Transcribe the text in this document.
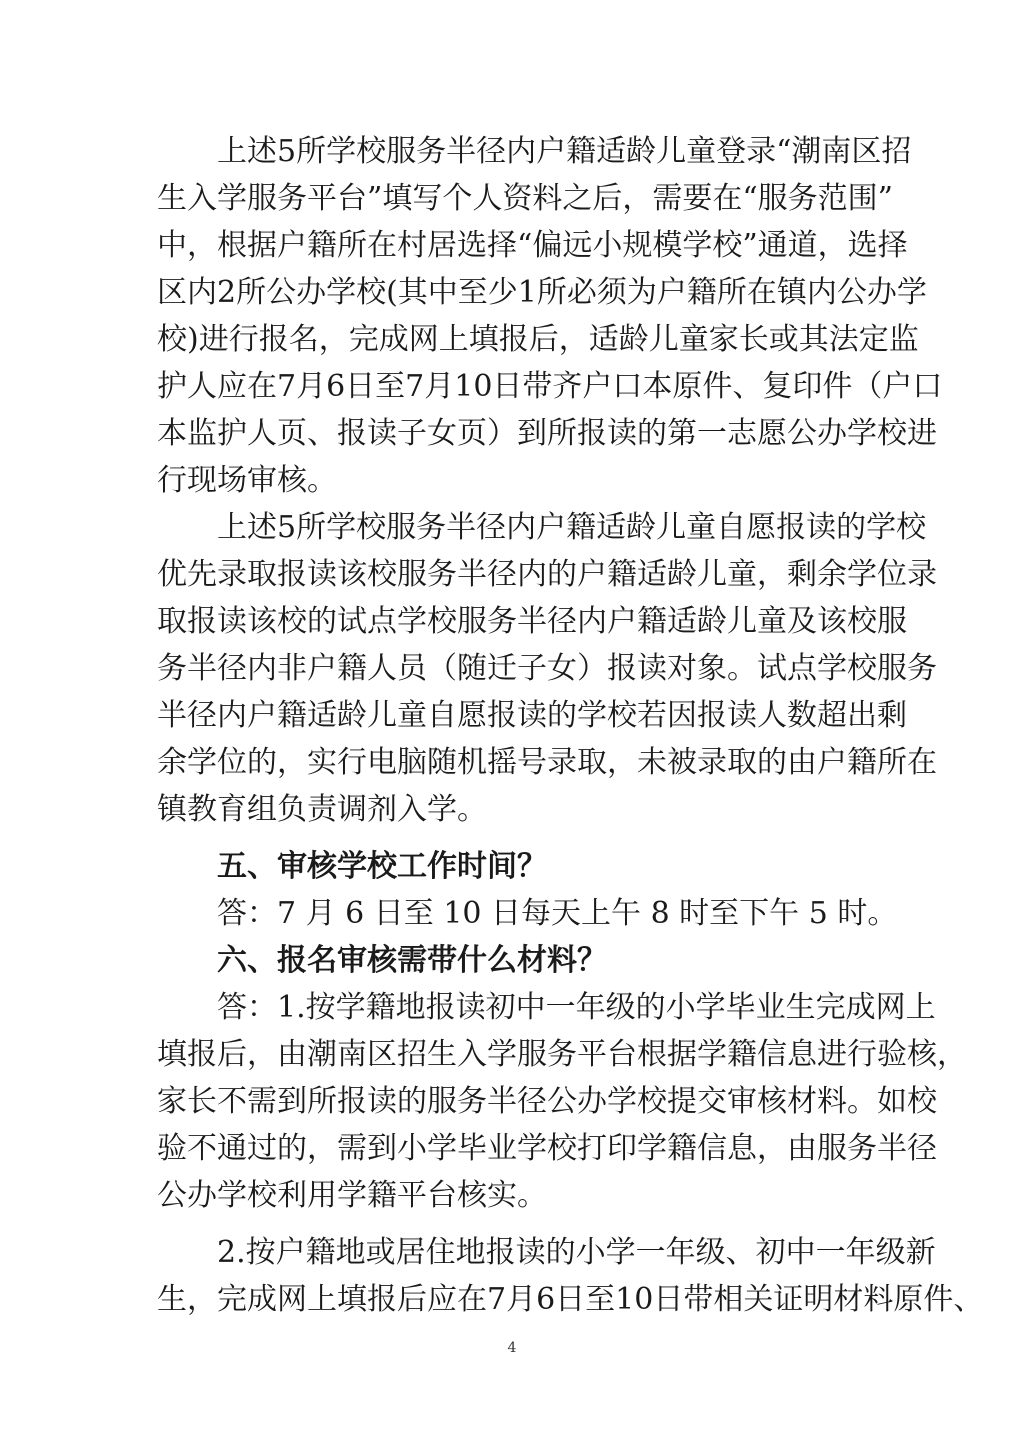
　　上述5所学校服务半径内户籍适龄儿童登录“潮南区招
生入学服务平台”填写个人资料之后，需要在“服务范围”
中，根据户籍所在村居选择“偏远小规模学校”通道，选择
区内2所公办学校(其中至少1所必须为户籍所在镇内公办学
校)进行报名，完成网上填报后，适龄儿童家长或其法定监
护人应在7月6日至7月10日带齐户口本原件、复印件（户口
本监护人页、报读子女页）到所报读的第一志愿公办学校进
行现场审核。
　　上述5所学校服务半径内户籍适龄儿童自愿报读的学校
优先录取报读该校服务半径内的户籍适龄儿童，剩余学位录
取报读该校的试点学校服务半径内户籍适龄儿童及该校服
务半径内非户籍人员（随迁子女）报读对象。试点学校服务
半径内户籍适龄儿童自愿报读的学校若因报读人数超出剩
余学位的，实行电脑随机摇号录取，未被录取的由户籍所在
镇教育组负责调剂入学。
　　五、审核学校工作时间？
　　答：7 月 6 日至 10 日每天上午 8 时至下午 5 时。
　　六、报名审核需带什么材料？
　　答：1.按学籍地报读初中一年级的小学毕业生完成网上
填报后，由潮南区招生入学服务平台根据学籍信息进行验核，
家长不需到所报读的服务半径公办学校提交审核材料。如校
验不通过的，需到小学毕业学校打印学籍信息，由服务半径
公办学校利用学籍平台核实。
　　2.按户籍地或居住地报读的小学一年级、初中一年级新
生，完成网上填报后应在7月6日至10日带相关证明材料原件、
4
